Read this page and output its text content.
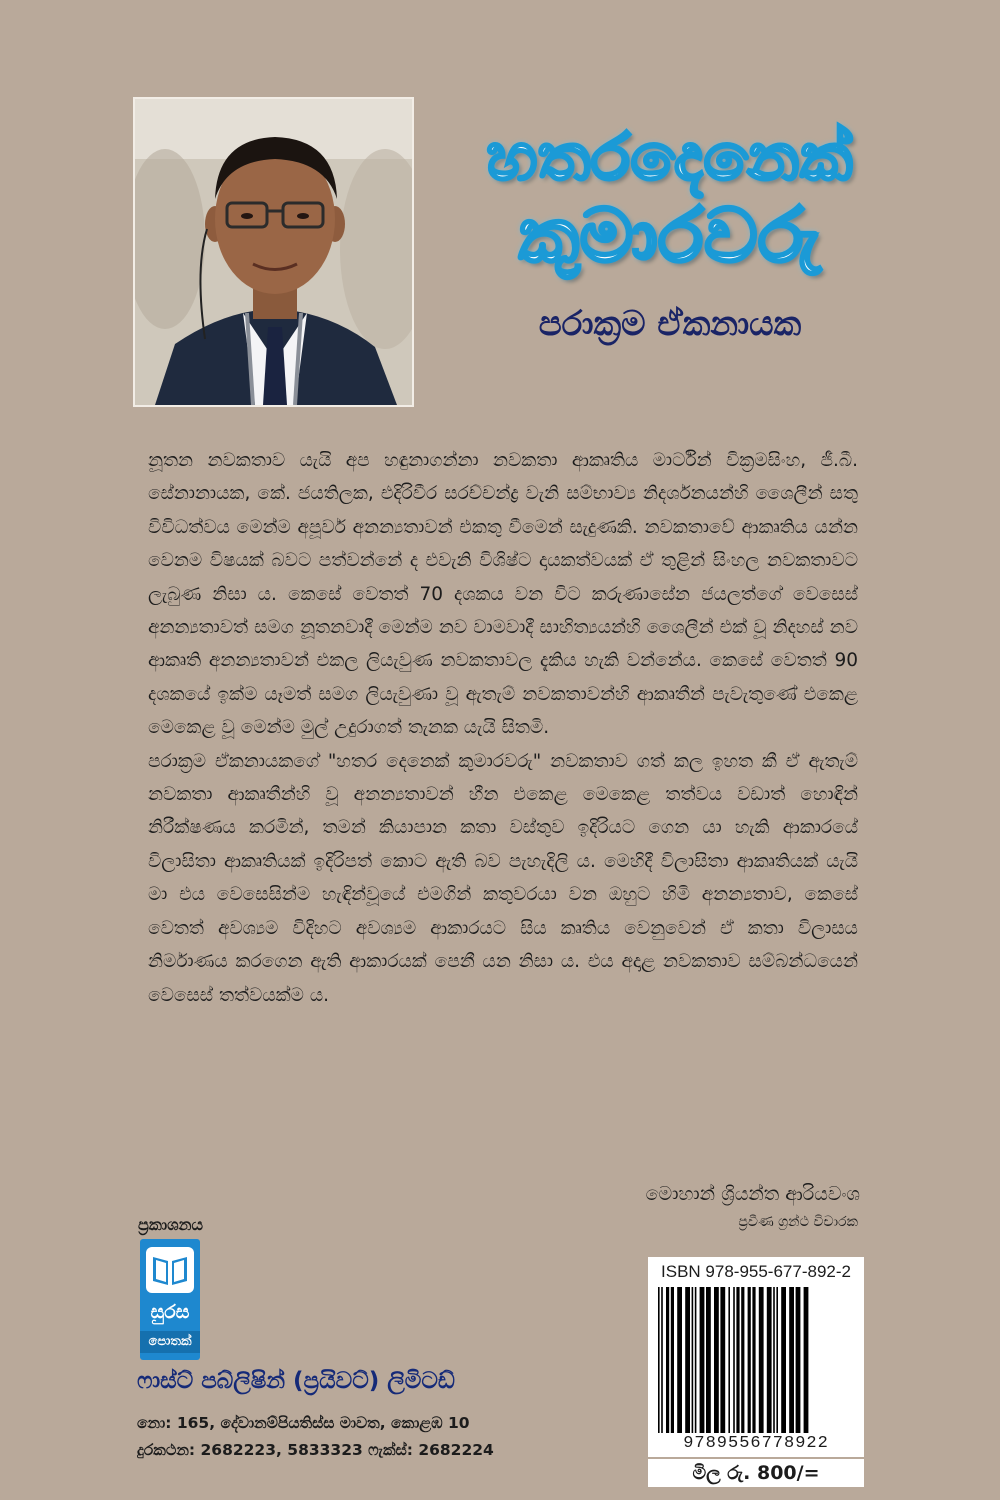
හතරදෙනෙක්
කුමාරවරු
පරාක්‍රම ඒකනායක

නූතන නවකතාව යැයි අප හඳුනාගන්නා නවකතා ආකෘතිය මාර්ටින් වික්‍රමසිංහ, ජී.බී. සේනානායක, කේ. ජයතිලක, එදිරිවීර සරච්චන්ද්‍ර වැනි සම්භාව්‍ය නිදර්ශනයන්හි ශෛලීන් සතු විවිධත්වය මෙන්ම අපූර්ව අනන්‍යතාවන් එකතු වීමෙන් සැදුණකි. නවකතාවේ ආකෘතිය යන්න වෙනම විෂයක් බවට පත්වන්නේ ද එවැනි විශිෂ්ට දායකත්වයක් ඒ තුළින් සිංහල නවකතාවට ලැබුණ නිසා ය. කෙසේ වෙතත් 70 දශකය වන විට කරුණාසේන ජයලත්ගේ වෙසෙස් අනන්‍යතාවත් සමග නූතනවාදී මෙන්ම නව වාමවාදී සාහිත්‍යයන්හි ශෛලීන් එක් වූ නිදහස් නව ආකෘති අනන්‍යතාවන් එකල ලියැවුණ නවකතාවල දැකිය හැකි වන්නේය. කෙසේ වෙතත් 90 දශකයේ ඉක්ම යෑමත් සමග ලියැවුණා වූ ඇතැම් නවකතාවන්හි ආකෘතීන් පැවැතුණේ එකෙළ මෙකෙළ වූ මෙන්ම මුල් උදුරාගත් තැනක යැයි සිතමි.

පරාක්‍රම ඒකනායකගේ "හතර දෙනෙක් කුමාරවරු" නවකතාව ගත් කල ඉහත කී ඒ ඇතැම් නවකතා ආකෘතීන්හි වූ අනන්‍යතාවන් හීන එකෙළ මෙකෙළ තත්වය වඩාත් හොඳින් නිරීක්ෂණය කරමින්, තමන් කියාපාන කතා වස්තුව ඉදිරියට ගෙන යා හැකි ආකාරයේ විලාසිතා ආකෘතියක් ඉදිරිපත් කොට ඇති බව පැහැදිලි ය. මෙහිදී විලාසිතා ආකෘතියක් යැයි මා එය වෙසෙසින්ම හැඳින්වූයේ එමගින් කතුවරයා වන ඔහුට හිමි අනන්‍යතාව, කෙසේ වෙතත් අවශ්‍යම විදිහට අවශ්‍යම ආකාරයට සිය කෘතිය වෙනුවෙන් ඒ කතා විලාසය නිර්මාණය කරගෙන ඇති ආකාරයක් පෙනී යන නිසා ය. එය අදාළ නවකතාව සම්බන්ධයෙන් වෙසෙස් තත්වයක්ම ය.

මොහාන් ශ්‍රියන්ත ආරියවංශ
ප්‍රවීණ ග්‍රන්ථ විචාරක
ප්‍රකාශනය
සුරස
පොතක්
ෆාස්ට් පබ්ලිෂින් (ප්‍රයිවට්) ලිමිටඩ්
නො: 165, දේවානම්පියතිස්ස මාවත, කොළඹ 10
දුරකථන: 2682223, 5833323 ෆැක්ස්: 2682224
ISBN 978-955-677-892-2
9789556778922
මිල රු. 800/=
